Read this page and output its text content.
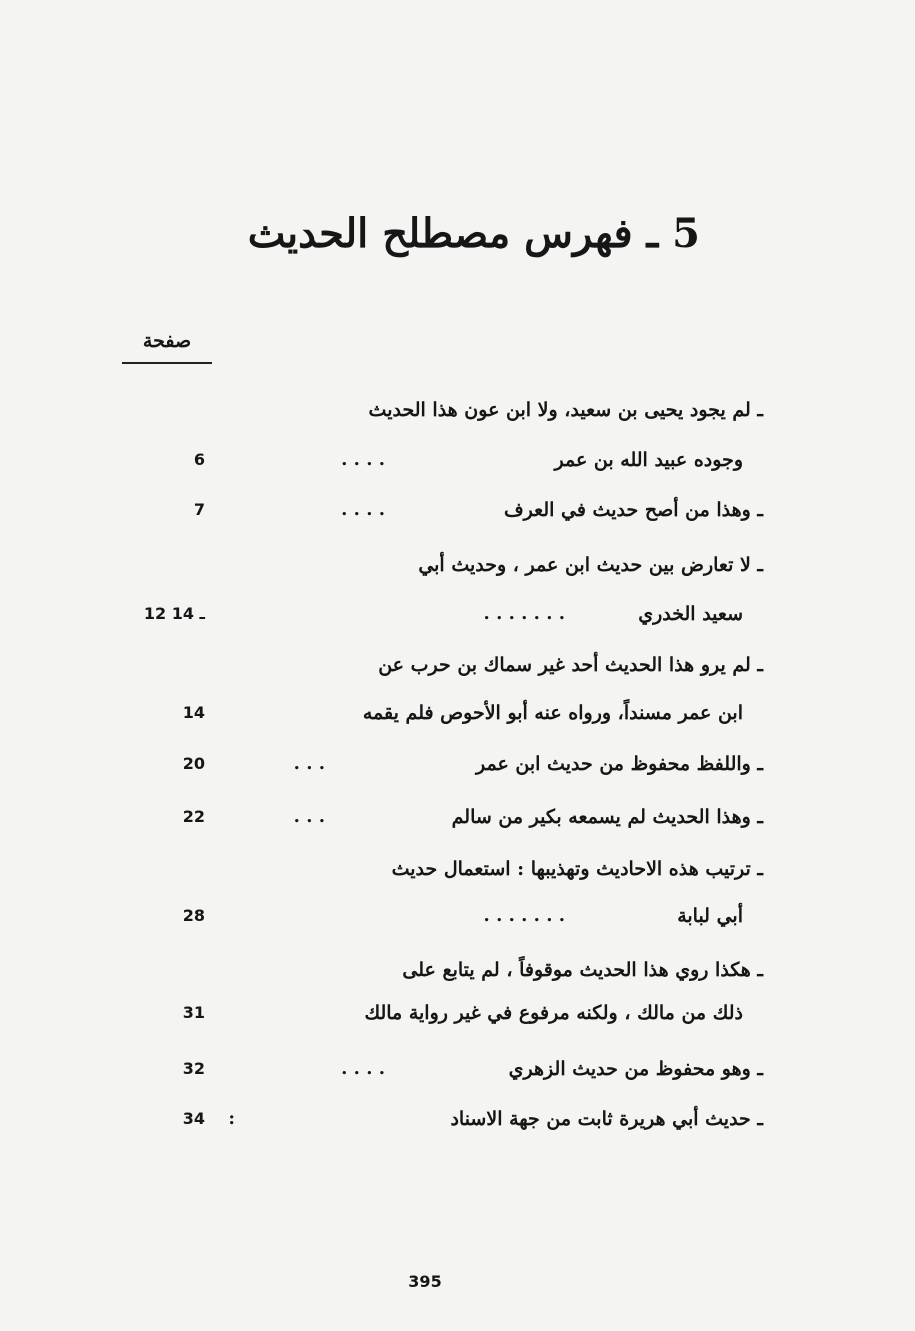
5 ـ فهرس مصطلح الحديث
صفحة
ـ لم يجود يحيى بن سعيد، ولا ابن عون هذا الحديث
وجوده عبيد الله بن عمر
. . . .
6
ـ وهذا من أصح حديث في العرف
. . . .
7
ـ لا تعارض بين حديث ابن عمر ، وحديث أبي
سعيد الخدري
. . . . . . .
12 ـ 14
ـ لم يرو هذا الحديث أحد غير سماك بن حرب عن
ابن عمر مسنداً، ورواه عنه أبو الأحوص فلم يقمه
14
ـ واللفظ محفوظ من حديث ابن عمر
. . .
20
ـ وهذا الحديث لم يسمعه بكير من سالم
. . .
22
ـ ترتيب هذه الاحاديث وتهذيبها : استعمال حديث
أبي لبابة
. . . . . . .
28
ـ هكذا روي هذا الحديث موقوفاً ، لم يتابع على
ذلك من مالك ، ولكنه مرفوع في غير رواية مالك
31
ـ وهو محفوظ من حديث الزهري
. . . .
32
ـ حديث أبي هريرة ثابت من جهة الاسناد
:
34
395
